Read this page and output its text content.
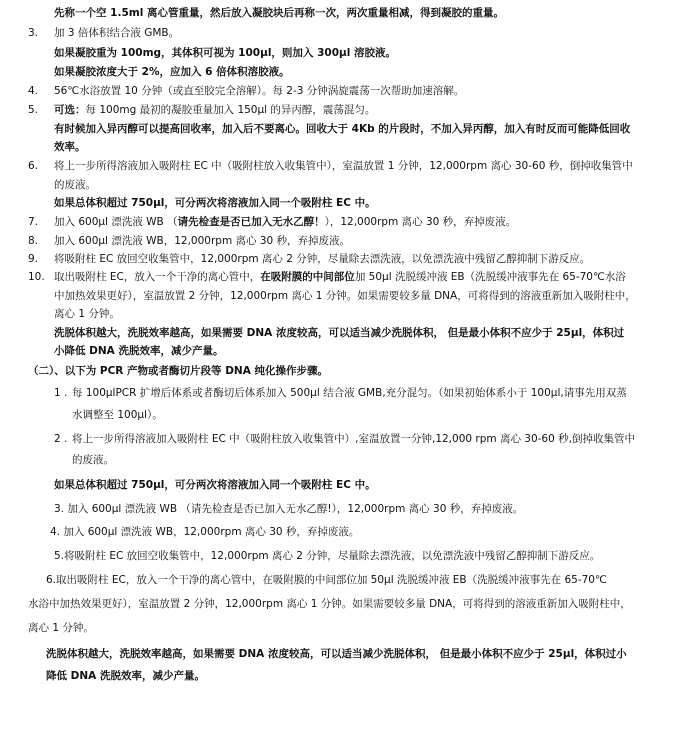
先称一个空 1.5ml 离心管重量，然后放入凝胶块后再称一次，两次重量相减，得到凝胶的重量。
3. 加 3 倍体积结合液 GMB。
如果凝胶重为 100mg，其体积可视为 100μl，则加入 300μl 溶胶液。
如果凝胶浓度大于 2%，应加入 6 倍体积溶胶液。
4. 56℃水浴放置 10 分钟（或直至胶完全溶解）。每 2-3 分钟涡旋震荡一次帮助加速溶解。
5. 可选：每 100mg 最初的凝胶重量加入 150μl 的异丙醇，震荡混匀。
有时候加入异丙醇可以提高回收率，加入后不要离心。回收大于 4Kb 的片段时，不加入异丙醇，加入有时反而可能降低回收
效率。
6. 将上一步所得溶液加入吸附柱 EC 中（吸附柱放入收集管中），室温放置 1 分钟，12,000rpm 离心 30-60 秒，倒掉收集管中
的废液。
如果总体积超过 750μl，可分两次将溶液加入同一个吸附柱 EC 中。
7. 加入 600μl 漂洗液 WB （请先检查是否已加入无水乙醇！），12,000rpm 离心 30 秒，弃掉废液。
8. 加入 600μl 漂洗液 WB，12,000rpm 离心 30 秒，弃掉废液。
9. 将吸附柱 EC 放回空收集管中，12,000rpm 离心 2 分钟，尽量除去漂洗液，以免漂洗液中残留乙醇抑制下游反应。
10. 取出吸附柱 EC，放入一个干净的离心管中，在吸附膜的中间部位加 50μl 洗脱缓冲液 EB（洗脱缓冲液事先在 65-70℃水浴
中加热效果更好），室温放置 2 分钟，12,000rpm 离心 1 分钟。如果需要较多量 DNA，可将得到的溶液重新加入吸附柱中，
离心 1 分钟。
洗脱体积越大，洗脱效率越高，如果需要 DNA 浓度较高，可以适当减少洗脱体积， 但是最小体积不应少于 25μl，体积过
小降低 DNA 洗脱效率，减少产量。
（二）、以下为 PCR 产物或者酶切片段等 DNA 纯化操作步骤。
1 . 每 100μlPCR 扩增后体系或者酶切后体系加入 500μl 结合液 GMB,充分混匀。（如果初始体系小于 100μl,请事先用双蒸
水调整至 100μl）。
2 . 将上一步所得溶液加入吸附柱 EC 中（吸附柱放入收集管中）,室温放置一分钟,12,000 rpm 离心 30-60 秒,倒掉收集管中
的废液。
如果总体积超过 750μl，可分两次将溶液加入同一个吸附柱 EC 中。
3. 加入 600μl 漂洗液 WB （请先检查是否已加入无水乙醇!），12,000rpm 离心 30 秒，弃掉废液。
4. 加入 600μl 漂洗液 WB，12,000rpm 离心 30 秒，弃掉废液。
5.将吸附柱 EC 放回空收集管中，12,000rpm 离心 2 分钟，尽量除去漂洗液，以免漂洗液中残留乙醇抑制下游反应。
6.取出吸附柱 EC，放入一个干净的离心管中，在吸附膜的中间部位加 50μl 洗脱缓冲液 EB（洗脱缓冲液事先在 65-70℃
水浴中加热效果更好），室温放置 2 分钟，12,000rpm 离心 1 分钟。如果需要较多量 DNA，可将得到的溶液重新加入吸附柱中，
离心 1 分钟。
洗脱体积越大，洗脱效率越高，如果需要 DNA 浓度较高，可以适当减少洗脱体积， 但是最小体积不应少于 25μl，体积过小
降低 DNA 洗脱效率，减少产量。
